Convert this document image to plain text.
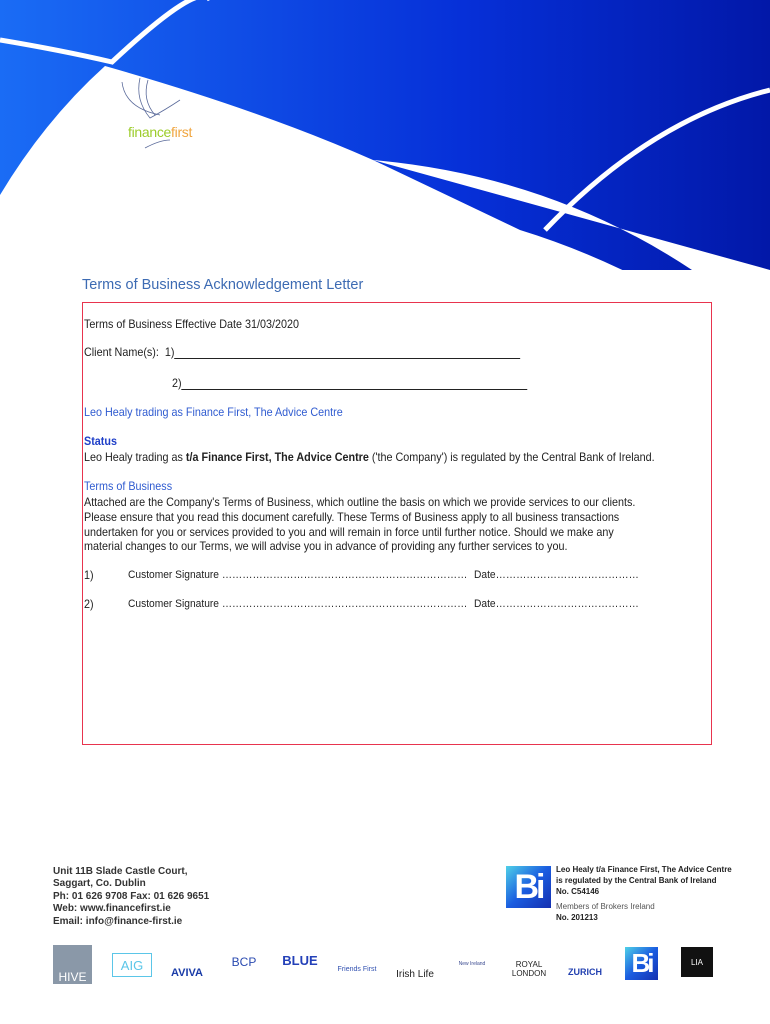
financefirst
Terms of Business Acknowledgement Letter
Terms of Business Effective Date 31/03/2020
Client Name(s): 1)
2)
Leo Healy trading as Finance First, The Advice Centre
Status
Leo Healy trading as t/a Finance First, The Advice Centre ('the Company') is regulated by the Central Bank of Ireland.
Terms of Business
Attached are the Company's Terms of Business, which outline the basis on which we provide services to our clients.
Please ensure that you read this document carefully. These Terms of Business apply to all business transactions
undertaken for you or services provided to you and will remain in force until further notice. Should we make any
material changes to our Terms, we will advise you in advance of providing any further services to you.
1)	Customer Signature ……………………………………………………………… Date……………………………………
2)	Customer Signature ……………………………………………………………… Date……………………………………
Unit 11B Slade Castle Court,
Saggart, Co. Dublin
Ph: 01 626 9708 Fax: 01 626 9651
Web: www.financefirst.ie
Email: info@finance-first.ie
Bi	Leo Healy t/a Finance First, The Advice Centre
is regulated by the Central Bank of Ireland
No. C54146
Members of Brokers Ireland
No. 201213
HIVE
AIG
AVIVA
BCP	BLUE
Friends First	Irish Life
New Ireland	ROYAL LONDON	ZURICH Bi	LIA
